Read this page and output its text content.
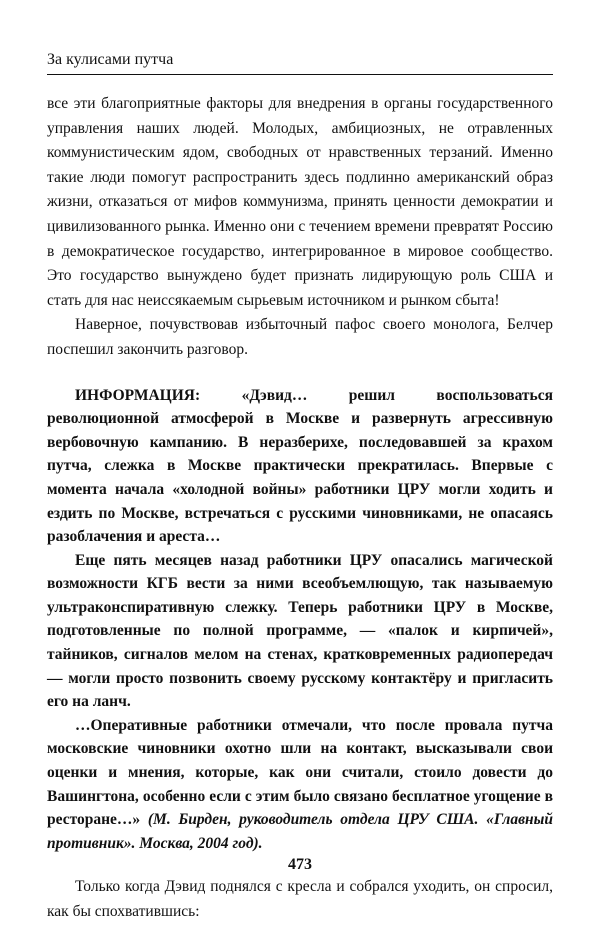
За кулисами путча

все эти благоприятные факторы для внедрения в органы государственного управления наших людей. Молодых, амбициозных, не отравленных коммунистическим ядом, свободных от нравственных терзаний. Именно такие люди помогут распространить здесь подлинно американский образ жизни, отказаться от мифов коммунизма, принять ценности демократии и цивилизованного рынка. Именно они с течением времени превратят Россию в демократическое государство, интегрированное в мировое сообщество. Это государство вынуждено будет признать лидирующую роль США и стать для нас неиссякаемым сырьевым источником и рынком сбыта!

Наверное, почувствовав избыточный пафос своего монолога, Белчер поспешил закончить разговор.

ИНФОРМАЦИЯ: «Дэвид… решил воспользоваться революционной атмосферой в Москве и развернуть агрессивную вербовочную кампанию. В неразберихе, последовавшей за крахом путча, слежка в Москве практически прекратилась. Впервые с момента начала «холодной войны» работники ЦРУ могли ходить и ездить по Москве, встречаться с русскими чиновниками, не опасаясь разоблачения и ареста…

Еще пять месяцев назад работники ЦРУ опасались магической возможности КГБ вести за ними всеобъемлющую, так называемую ультраконспиративную слежку. Теперь работники ЦРУ в Москве, подготовленные по полной программе, — «палок и кирпичей», тайников, сигналов мелом на стенах, кратковременных радиопередач — могли просто позвонить своему русскому контактёру и пригласить его на ланч.

…Оперативные работники отмечали, что после провала путча московские чиновники охотно шли на контакт, высказывали свои оценки и мнения, которые, как они считали, стоило довести до Вашингтона, особенно если с этим было связано бесплатное угощение в ресторане…» (М. Бирден, руководитель отдела ЦРУ США. «Главный противник». Москва, 2004 год).

Только когда Дэвид поднялся с кресла и собрался уходить, он спросил, как бы спохватившись:

473
